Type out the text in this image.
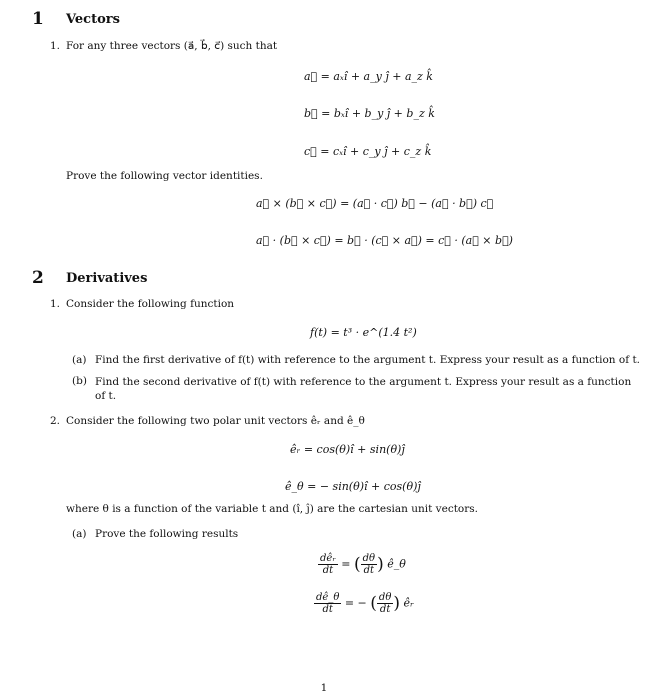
1 Vectors
1. For any three vectors (a⃗, b⃗, c⃗) such that
a⃗ = aₓî + a_y ĵ + a_z k̂
b⃗ = bₓî + b_y ĵ + b_z k̂
c⃗ = cₓî + c_y ĵ + c_z k̂
Prove the following vector identities.
a⃗ × (b⃗ × c⃗) = (a⃗ · c⃗) b⃗ − (a⃗ · b⃗) c⃗
a⃗ · (b⃗ × c⃗) = b⃗ · (c⃗ × a⃗) = c⃗ · (a⃗ × b⃗)
2 Derivatives
1. Consider the following function
f(t) = t³ · e^(1.4 t²)
(a) Find the first derivative of f(t) with reference to the argument t. Express your result as a function of t.
(b) Find the second derivative of f(t) with reference to the argument t. Express your result as a function of t.
2. Consider the following two polar unit vectors êᵣ and ê_θ
êᵣ = cos(θ)î + sin(θ)ĵ
ê_θ = − sin(θ)î + cos(θ)ĵ
where θ is a function of the variable t and (î, ĵ) are the cartesian unit vectors.
(a) Prove the following results
$\frac{\text{dêᵣ}}{dt}$ = ( $\frac{d\theta}{dt}$ ) ê_θ
$\frac{dê\_\theta}{dt}$ = − ( $\frac{d\theta}{dt}$ ) êᵣ
1
